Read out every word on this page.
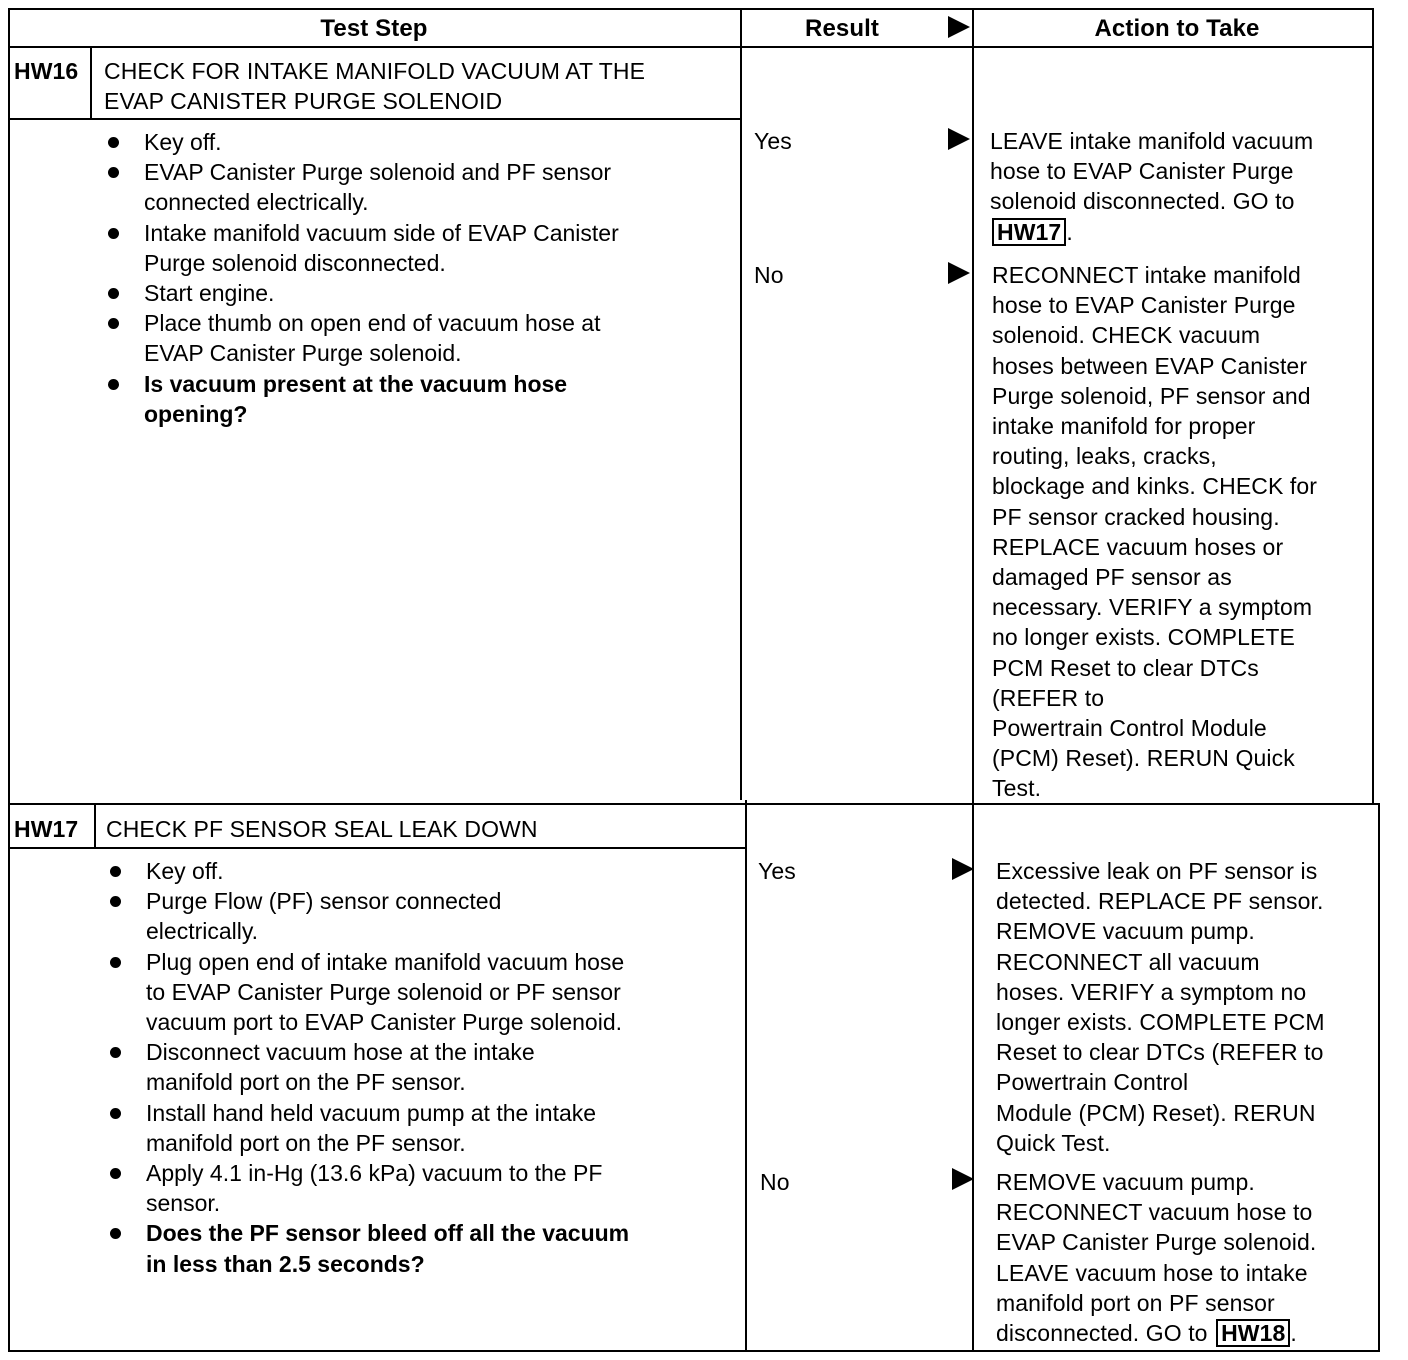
Test Step	Result	Action to Take
HW16 CHECK FOR INTAKE MANIFOLD VACUUM AT THE
EVAP CANISTER PURGE SOLENOID
HW17 CHECK PF SENSOR SEAL LEAK DOWN
Key off.
EVAP Canister Purge solenoid and PF sensor
connected electrically.
Intake manifold vacuum side of EVAP Canister
Purge solenoid disconnected.
Start engine.
Place thumb on open end of vacuum hose at
EVAP Canister Purge solenoid.
Is vacuum present at the vacuum hose
opening?
Key off.
Purge Flow (PF) sensor connected
electrically.
Plug open end of intake manifold vacuum hose
to EVAP Canister Purge solenoid or PF sensor
vacuum port to EVAP Canister Purge solenoid.
Disconnect vacuum hose at the intake
manifold port on the PF sensor.
Install hand held vacuum pump at the intake
manifold port on the PF sensor.
Apply 4.1 in-Hg (13.6 kPa) vacuum to the PF
sensor.
Does the PF sensor bleed off all the vacuum
in less than 2.5 seconds?
Yes
No
Yes
No
LEAVE intake manifold vacuum
hose to EVAP Canister Purge
solenoid disconnected. GO to
HW17 .
RECONNECT intake manifold
hose to EVAP Canister Purge
solenoid. CHECK vacuum
hoses between EVAP Canister
Purge solenoid, PF sensor and
intake manifold for proper
routing, leaks, cracks,
blockage and kinks. CHECK for
PF sensor cracked housing.
REPLACE vacuum hoses or
damaged PF sensor as
necessary. VERIFY a symptom
no longer exists. COMPLETE
PCM Reset to clear DTCs
(REFER to
Powertrain Control Module
(PCM) Reset). RERUN Quick
Test.
Excessive leak on PF sensor is
detected. REPLACE PF sensor.
REMOVE vacuum pump.
RECONNECT all vacuum
hoses. VERIFY a symptom no
longer exists. COMPLETE PCM
Reset to clear DTCs (REFER to
Powertrain Control
Module (PCM) Reset). RERUN
Quick Test.
REMOVE vacuum pump.
RECONNECT vacuum hose to
EVAP Canister Purge solenoid.
LEAVE vacuum hose to intake
manifold port on PF sensor
disconnected. GO to HW18 .
